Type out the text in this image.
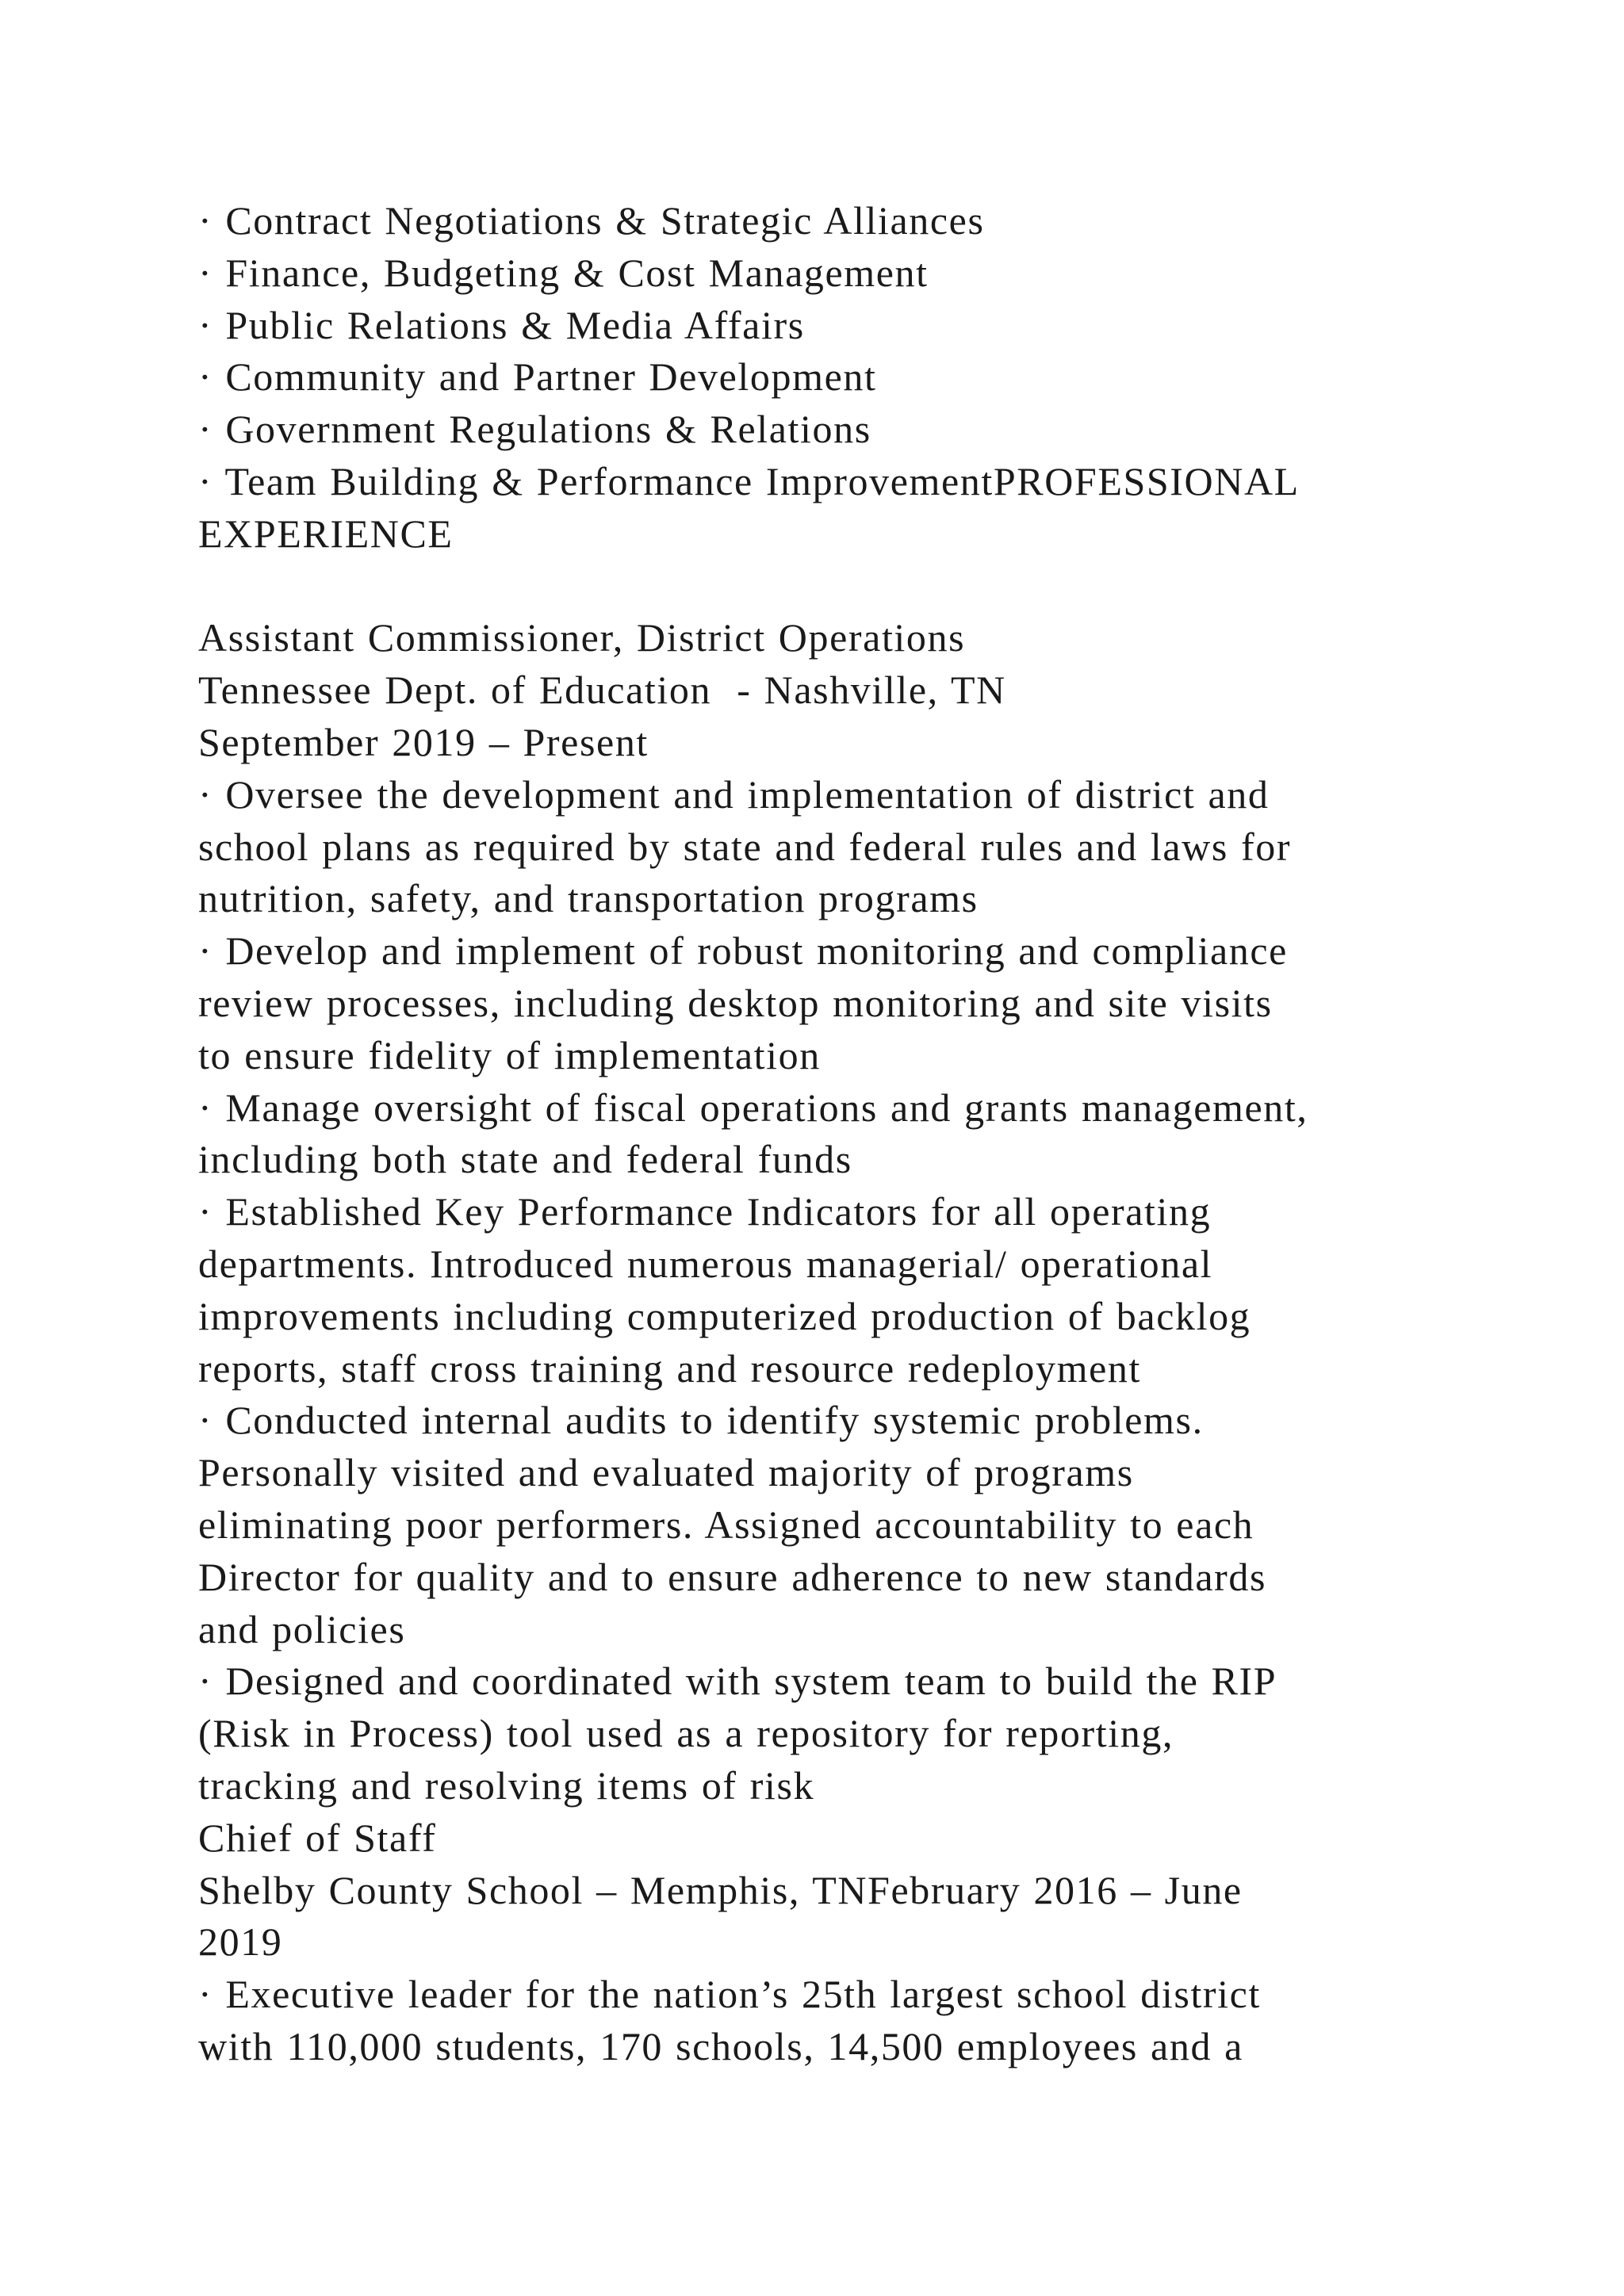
· Contract Negotiations & Strategic Alliances
· Finance, Budgeting & Cost Management
· Public Relations & Media Affairs
· Community and Partner Development
· Government Regulations & Relations
· Team Building & Performance ImprovementPROFESSIONAL
EXPERIENCE
Assistant Commissioner, District Operations
Tennessee Dept. of Education  - Nashville, TN
September 2019 – Present
· Oversee the development and implementation of district and
school plans as required by state and federal rules and laws for
nutrition, safety, and transportation programs
· Develop and implement of robust monitoring and compliance
review processes, including desktop monitoring and site visits
to ensure fidelity of implementation
· Manage oversight of fiscal operations and grants management,
including both state and federal funds
· Established Key Performance Indicators for all operating
departments. Introduced numerous managerial/ operational
improvements including computerized production of backlog
reports, staff cross training and resource redeployment
· Conducted internal audits to identify systemic problems.
Personally visited and evaluated majority of programs
eliminating poor performers. Assigned accountability to each
Director for quality and to ensure adherence to new standards
and policies
· Designed and coordinated with system team to build the RIP
(Risk in Process) tool used as a repository for reporting,
tracking and resolving items of risk
Chief of Staff
Shelby County School – Memphis, TNFebruary 2016 – June
2019
· Executive leader for the nation’s 25th largest school district
with 110,000 students, 170 schools, 14,500 employees and a
